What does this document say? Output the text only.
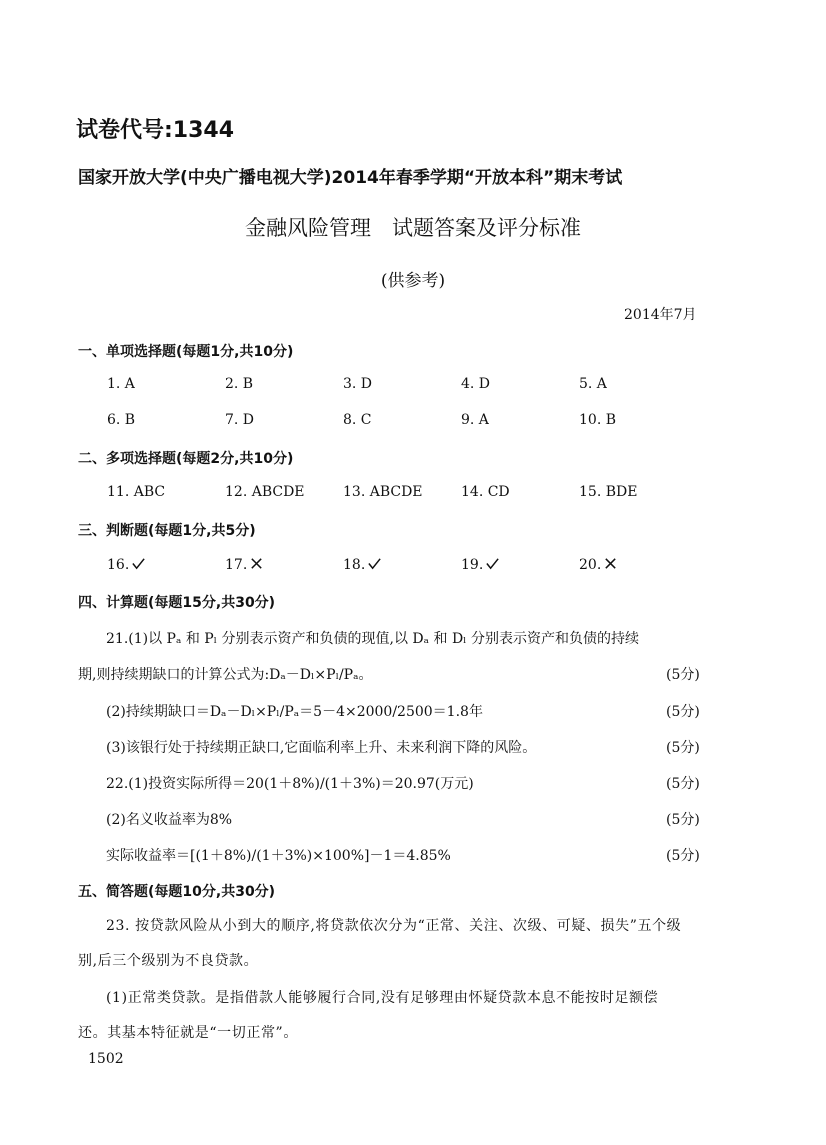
试卷代号:1344
国家开放大学(中央广播电视大学)2014年春季学期“开放本科”期末考试
金融风险管理　试题答案及评分标准
(供参考)
2014年7月
一、单项选择题(每题1分,共10分)
1. A	2. B	3. D	4. D	5. A
6. B	7. D	8. C	9. A	10. B
二、多项选择题(每题2分,共10分)
11. ABC	12. ABCDE	13. ABCDE	14. CD	15. BDE
三、判断题(每题1分,共5分)
16.	17.	18.	19.	20.
四、计算题(每题15分,共30分)
21.(1)以 Pₐ 和 Pₗ 分别表示资产和负债的现值,以 Dₐ 和 Dₗ 分别表示资产和负债的持续
期,则持续期缺口的计算公式为:Dₐ－Dₗ×Pₗ/Pₐ。	(5分)
(2)持续期缺口＝Dₐ－Dₗ×Pₗ/Pₐ＝5－4×2000/2500＝1.8年	(5分)
(3)该银行处于持续期正缺口,它面临利率上升、未来利润下降的风险。	(5分)
22.(1)投资实际所得＝20(1＋8%)/(1＋3%)＝20.97(万元)	(5分)
(2)名义收益率为8%	(5分)
实际收益率＝[(1＋8%)/(1＋3%)×100%]－1＝4.85%	(5分)
五、简答题(每题10分,共30分)
23. 按贷款风险从小到大的顺序,将贷款依次分为“正常、关注、次级、可疑、损失”五个级
别,后三个级别为不良贷款。
(1)正常类贷款。是指借款人能够履行合同,没有足够理由怀疑贷款本息不能按时足额偿
还。其基本特征就是“一切正常”。
1502
